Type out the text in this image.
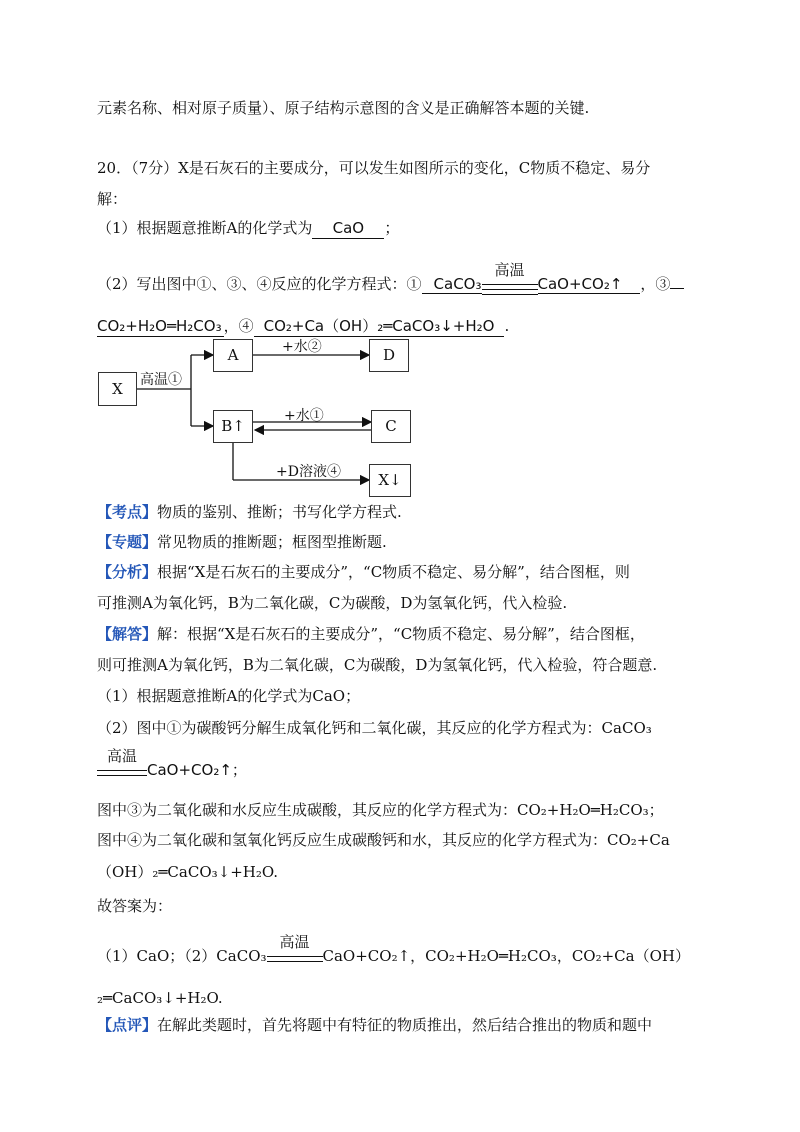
元素名称、相对原子质量）、原子结构示意图的含义是正确解答本题的关键.
20．（7分）X是石灰石的主要成分，可以发生如图所示的变化，C物质不稳定、易分
解：
（1）根据题意推断A的化学式为 CaO ；
（2）写出图中①、③、④反应的化学方程式：① CaCO₃
高温
CaO+CO₂↑ ，③
CO₂+H₂O═H₂CO₃ ，④ CO₂+Ca（OH）₂═CaCO₃↓+H₂O .
X
A
B↑
D
C
X↓
高温①
+水②
+水①
+D溶液④
【考点】物质的鉴别、推断；书写化学方程式.
【专题】常见物质的推断题；框图型推断题.
【分析】根据“X是石灰石的主要成分”，“C物质不稳定、易分解”，结合图框，则
可推测A为氧化钙，B为二氧化碳，C为碳酸，D为氢氧化钙，代入检验.
【解答】解：根据“X是石灰石的主要成分”，“C物质不稳定、易分解”，结合图框，
则可推测A为氧化钙，B为二氧化碳，C为碳酸，D为氢氧化钙，代入检验，符合题意.
（1）根据题意推断A的化学式为CaO；
（2）图中①为碳酸钙分解生成氧化钙和二氧化碳，其反应的化学方程式为：CaCO₃
高温
CaO+CO₂↑；
图中③为二氧化碳和水反应生成碳酸，其反应的化学方程式为：CO₂+H₂O═H₂CO₃；
图中④为二氧化碳和氢氧化钙反应生成碳酸钙和水，其反应的化学方程式为：CO₂+Ca
（OH）₂═CaCO₃↓+H₂O.
故答案为：
（1）CaO；（2）CaCO₃
高温
CaO+CO₂↑，CO₂+H₂O═H₂CO₃，CO₂+Ca（OH）
₂═CaCO₃↓+H₂O.
【点评】在解此类题时，首先将题中有特征的物质推出，然后结合推出的物质和题中
